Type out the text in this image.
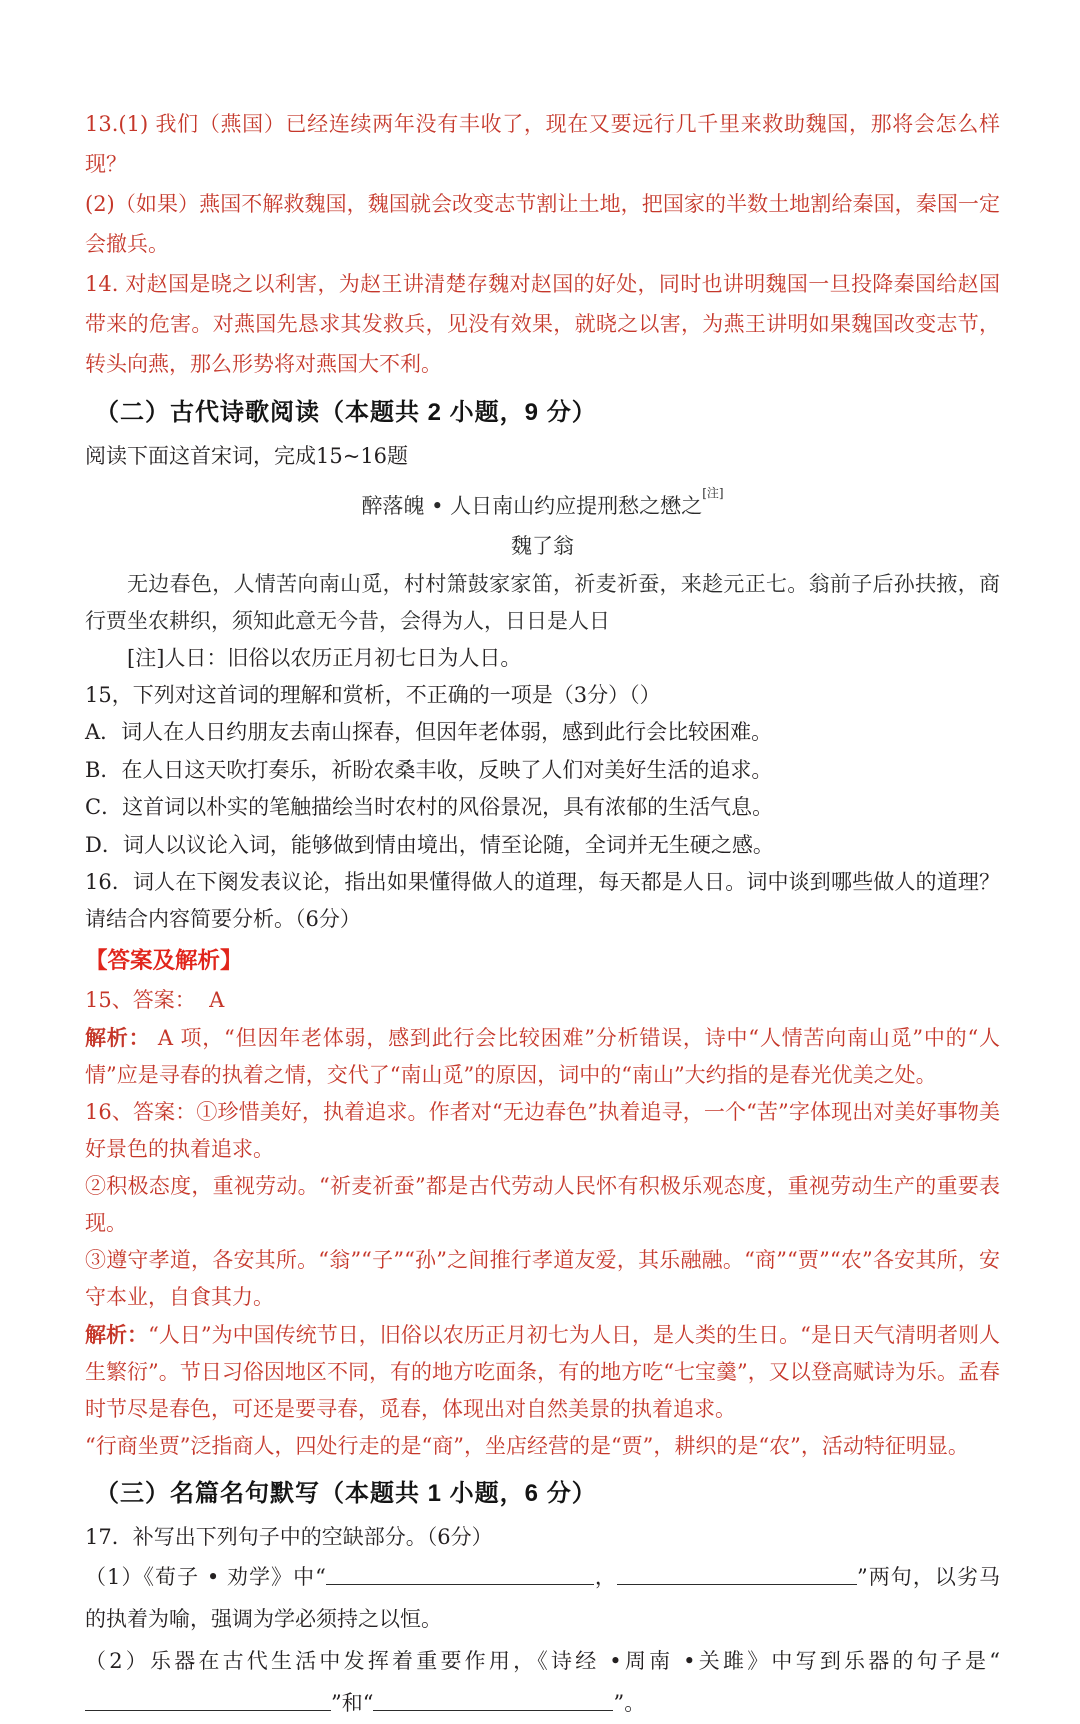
13.(1) 我们（燕国）已经连续两年没有丰收了，现在又要远行几千里来救助魏国，那将会怎么样现？

(2)（如果）燕国不解救魏国，魏国就会改变志节割让土地，把国家的半数土地割给秦国，秦国一定会撤兵。

14. 对赵国是晓之以利害，为赵王讲清楚存魏对赵国的好处，同时也讲明魏国一旦投降秦国给赵国带来的危害。对燕国先恳求其发救兵，见没有效果，就晓之以害，为燕王讲明如果魏国改变志节，转头向燕，那么形势将对燕国大不利。

（二）古代诗歌阅读（本题共 2 小题，9 分）

阅读下面这首宋词，完成15~16题

醉落魄 • 人日南山约应提刑愁之懋之[注]

魏了翁

无边春色，人情苦向南山觅，村村箫鼓家家笛，祈麦祈蚕，来趁元正七。翁前子后孙扶掖，商行贾坐农耕织，须知此意无今昔，会得为人，日日是人日

[注]人日：旧俗以农历正月初七日为人日。

15，下列对这首词的理解和赏析，不正确的一项是（3分）（）

A．词人在人日约朋友去南山探春，但因年老体弱，感到此行会比较困难。

B．在人日这天吹打奏乐，祈盼农桑丰收，反映了人们对美好生活的追求。

C．这首词以朴实的笔触描绘当时农村的风俗景况，具有浓郁的生活气息。

D．词人以议论入词，能够做到情由境出，情至论随，全词并无生硬之感。

16．词人在下阕发表议论，指出如果懂得做人的道理，每天都是人日。词中谈到哪些做人的道理？请结合内容简要分析。（6分）

【答案及解析】

15、答案：  A

解析： A 项，“但因年老体弱，感到此行会比较困难”分析错误，诗中“人情苦向南山觅”中的“人情”应是寻春的执着之情，交代了“南山觅”的原因，词中的“南山”大约指的是春光优美之处。

16、答案：①珍惜美好，执着追求。作者对“无边春色”执着追寻，一个“苦”字体现出对美好事物美好景色的执着追求。

②积极态度，重视劳动。“祈麦祈蚕”都是古代劳动人民怀有积极乐观态度，重视劳动生产的重要表现。

③遵守孝道，各安其所。“翁”“子”“孙”之间推行孝道友爱，其乐融融。“商”“贾”“农”各安其所，安守本业，自食其力。

解析：“人日”为中国传统节日，旧俗以农历正月初七为人日，是人类的生日。“是日天气清明者则人生繁衍”。节日习俗因地区不同，有的地方吃面条，有的地方吃“七宝羹”，又以登高赋诗为乐。孟春时节尽是春色，可还是要寻春，觅春，体现出对自然美景的执着追求。

“行商坐贾”泛指商人，四处行走的是“商”，坐店经营的是“贾”，耕织的是“农”，活动特征明显。

（三）名篇名句默写（本题共 1 小题，6 分）

17．补写出下列句子中的空缺部分。（6分）

（1）《荀子 • 劝学》中“	，	”两句，以劣马的执着为喻，强调为学必须持之以恒。

（2）乐器在古代生活中发挥着重要作用，《诗经 •周南 •关雎》中写到乐器的句子是“”和“	”。
